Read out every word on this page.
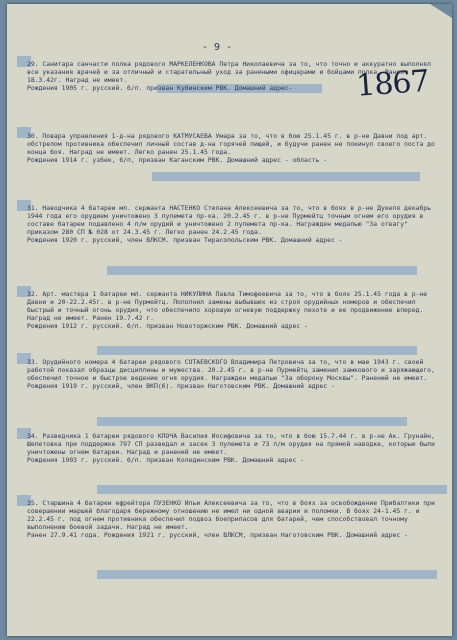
- 9 -
1867

29. Санитара санчасти полка рядового МАРКЕЛЕНКОВА Петра Николаевича за то, что точно и аккуратно выполнял все указания врачей и за отличный и старательный уход за ранеными офицерами и бойцами полка. Ранен 18.3.42г. Наград не имеет.

Рождения 1905 г. русский. б/п. призван Кубинским РВК. Домашний адрес-

30. Повара управления 1-д-на рядового КАТМУСАЕВА Умара за то, что в бою 25.1.45 г. в р-не Давни под арт. обстрелом противника обеспечил личный состав д-на горячей пищей, и будучи ранен не покинул своего поста до конца боя. Наград не имеет. Легко ранен 25.1.45 года.

Рождения 1914 г. узбек, б/п, призван Каганским РВК. Домашний адрес - область -

31. Наводчика 4 батареи мл. сержанта НАСТЕНКО Степана Алексеевича за то, что в боях в р-не Дукеля декабрь 1944 года его орудием уничтожено 3 пулемета пр-ка. 20.2.45 г. в р-не Пурмейтц точным огнем его орудия в составе батареи подавлено 4 п/м орудий и уничтожено 2 пулемета пр-ка. Награжден медалью "За отвагу" приказом 280 СП № 028 от 24.3.45 г. Легко ранен 24.2.45 года.

Рождения 1920 г. русский, член ВЛКСМ. призван Тирасопольским РВК. Домашний адрес -

32. Арт. мастера 1 батареи мл. сержанта НИКУЛИНА Павла Тимофеевича за то, что в боях 25.1.45 года в р-не Давни и 20-22.2.45г. в р-не Пурмейтц. Пополнил замены выбывших из строя орудийных номеров и обеспечил быстрый и точный огонь орудия, что обеспечило хорошую огневую поддержку пехоте и ее продвижение вперед. Наград не имеет. Ранен 19.7.42 г.

Рождения 1912 г. русский. б/п. призван Новоторжским РВК. Домашний адрес -

33. Орудийного номера 4 батареи рядового СОТАЕВСКОГО Владимира Петровича за то, что в мае 1943 г. своей работой показал образцы дисциплины и мужества. 20.2.45 г. в р-не Пурмейтц заменил замкового и заряжающего, обеспечил точное и быстрое ведение огня орудия. Награжден медалью "За оборону Москвы". Ранений не имеет.

Рождения 1919 г. русский, член ВКП(б). призван Наготовским РВК. Домашний адрес -

34. Разведчика 1 батареи рядового КЛОЧА Василия Иосифовича за то, что в бою 15.7.44 г. в р-не Ак. Грунайн, Шепетовка при поддержке 797 СП разведал и засек 3 пулемета и 73 п/м орудия на прямой наводке, которые были уничтожены огнем батареи. Наград и ранений не имеет.

Рождения 1903 г. русский. б/п. призван Колединским РВК. Домашний адрес -

35. Старшина 4 батареи ефрейтора ПУЗЕНКО Ильи Алексеевича за то, что в боях за освобождение Прибалтики при совершении маршей благодаря бережному отношению не имел ни одной аварии и поломки. В боях 24-1.45 г. и 22.2.45 г. под огнем противника обеспечил подвоз боеприпасов для батарей, чем способствовал точному выполнению боевой задачи. Наград не имеет.

Ранен 27.9.41 года. Рождения 1921 г. русский, член ВЛКСМ, призван Наготовским РВК. Домашний адрес -
